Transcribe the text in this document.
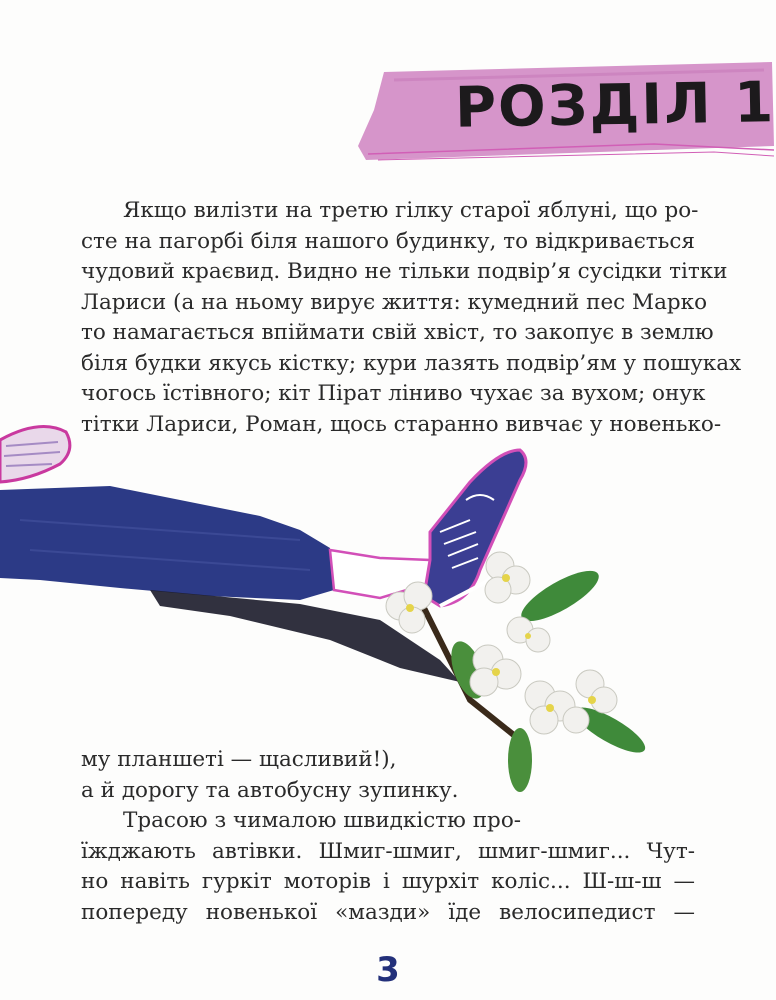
РОЗДІЛ 1
Якщо вилізти на третю гілку старої яблуні, що ро-
сте на пагорбі біля нашого будинку, то відкривається
чудовий краєвид. Видно не тільки подвір’я сусідки тітки
Лариси (а на ньому вирує життя: кумедний пес Марко
то намагається впіймати свій хвіст, то закопує в землю
біля будки якусь кістку; кури лазять подвір’ям у пошуках
чогось їстівного; кіт Пірат ліниво чухає за вухом; онук
тітки Лариси, Роман, щось старанно вивчає у новенько-
му планшеті — щасливий!),
а й дорогу та автобусну зупинку.
Трасою з чималою швидкістю про-
їжджають автівки. Шмиг-шмиг, шмиг-шмиг... Чут-
но навіть гуркіт моторів і шурхіт коліс... Ш-ш-ш —
попереду новенької «мазди» їде велосипедист —
3
